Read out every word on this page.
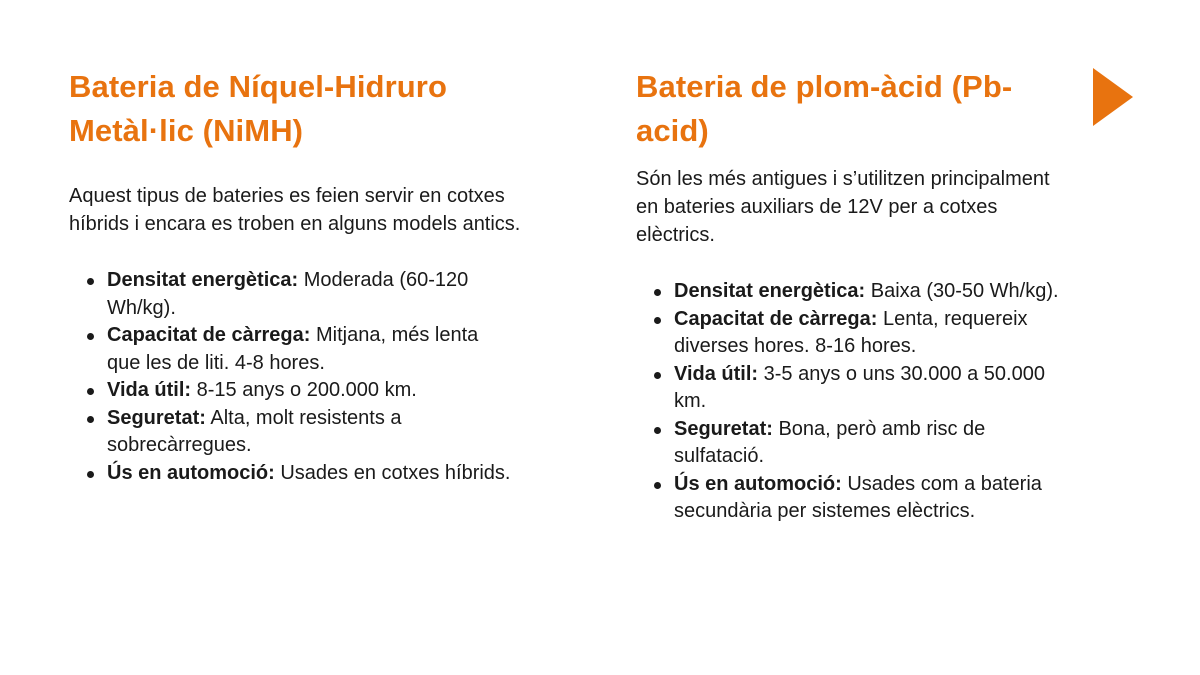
Bateria de Níquel-Hidruro Metàl·lic (NiMH)

Aquest tipus de bateries es feien servir en cotxes híbrids i encara es troben en alguns models antics.

Densitat energètica: Moderada (60-120 Wh/kg).
Capacitat de càrrega: Mitjana, més lenta que les de liti. 4-8 hores.
Vida útil: 8-15 anys o 200.000 km.
Seguretat: Alta, molt resistents a sobrecàrregues.
Ús en automoció: Usades en cotxes híbrids.
Bateria de plom-àcid (Pb-acid)

Són les més antigues i s’utilitzen principalment en bateries auxiliars de 12V per a cotxes elèctrics.

Densitat energètica: Baixa (30-50 Wh/kg).
Capacitat de càrrega: Lenta, requereix diverses hores. 8-16 hores.
Vida útil: 3-5 anys o uns 30.000 a 50.000 km.
Seguretat: Bona, però amb risc de sulfatació.
Ús en automoció: Usades com a bateria secundària per sistemes elèctrics.
